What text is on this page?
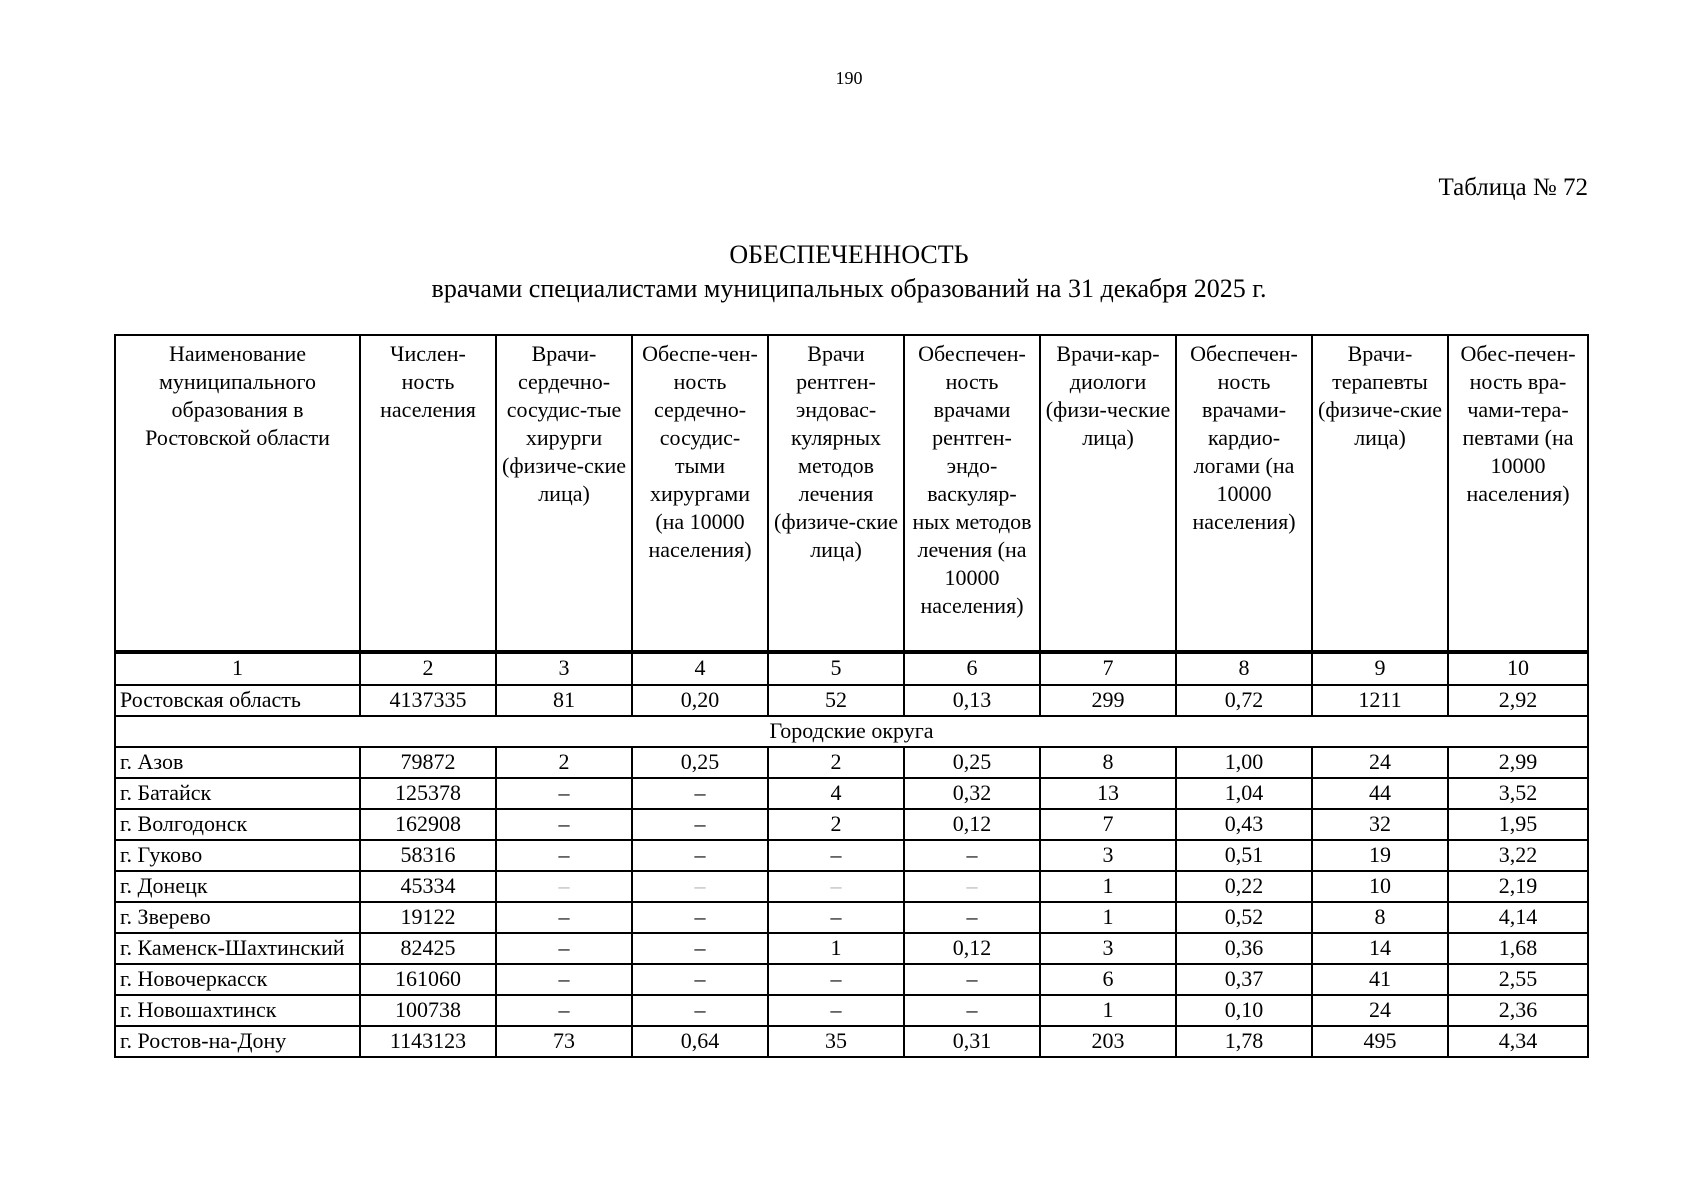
190
Таблица № 72
ОБЕСПЕЧЕННОСТЬ
врачами специалистами муниципальных образований на 31 декабря 2025 г.
Наименование муниципального образования в Ростовской области	Числен-ность населения	Врачи-сердечно-сосудис-тые хирурги (физиче-ские лица)	Обеспе-чен-ность сердечно-сосудис-тыми хирургами (на 10000 населения)	Врачи рентген-эндовас-кулярных методов лечения (физиче-ские лица)	Обеспечен-ность врачами рентген-эндо-васкуляр-ных методов лечения (на 10000 населения)	Врачи-кар-диологи (физи-ческие лица)	Обеспечен-ность врачами-кардио-логами (на 10000 населения)	Врачи-терапевты (физиче-ские лица)	Обес-печен-ность вра-чами-тера-певтами (на 10000 населения)
1	2	3	4	5	6	7	8	9	10
Ростовская область	4137335	81	0,20	52	0,13	299	0,72	1211	2,92
Городские округа									
г. Азов	79872	2	0,25	2	0,25	8	1,00	24	2,99
г. Батайск	125378	–	–	4	0,32	13	1,04	44	3,52
г. Волгодонск	162908	–	–	2	0,12	7	0,43	32	1,95
г. Гуково	58316	–	–	–	–	3	0,51	19	3,22
г. Донецк	45334	–	–	–	–	1	0,22	10	2,19
г. Зверево	19122	–	–	–	–	1	0,52	8	4,14
г. Каменск-Шахтинский	82425	–	–	1	0,12	3	0,36	14	1,68
г. Новочеркасск	161060	–	–	–	–	6	0,37	41	2,55
г. Новошахтинск	100738	–	–	–	–	1	0,10	24	2,36
г. Ростов-на-Дону	1143123	73	0,64	35	0,31	203	1,78	495	4,34
